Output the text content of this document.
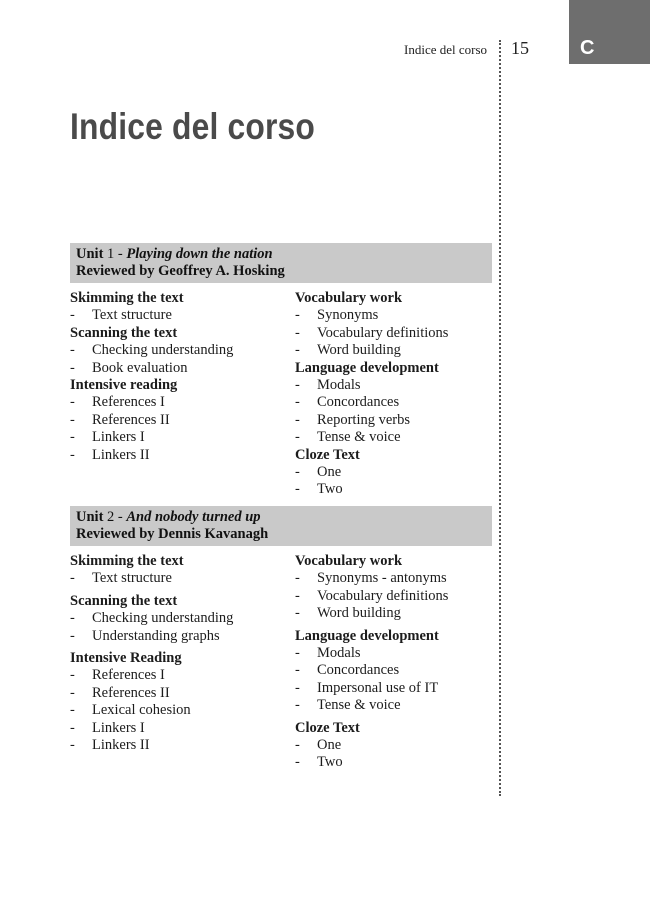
C
Indice del corso 15
Indice del corso
Unit 1 - Playing down the nation
Reviewed by Geoffrey A. Hosking
Skimming the text
- Text structure
Scanning the text
- Checking understanding
- Book evaluation
Intensive reading
- References I
- References II
- Linkers I
- Linkers II
Vocabulary work
- Synonyms
- Vocabulary definitions
- Word building
Language development
- Modals
- Concordances
- Reporting verbs
- Tense & voice
Cloze Text
- One
- Two
Unit 2 - And nobody turned up
Reviewed by Dennis Kavanagh
Skimming the text
- Text structure
Scanning the text
- Checking understanding
- Understanding graphs
Intensive Reading
- References I
- References II
- Lexical cohesion
- Linkers I
- Linkers II
Vocabulary work
- Synonyms - antonyms
- Vocabulary definitions
- Word building
Language development
- Modals
- Concordances
- Impersonal use of IT
- Tense & voice
Cloze Text
- One
- Two
